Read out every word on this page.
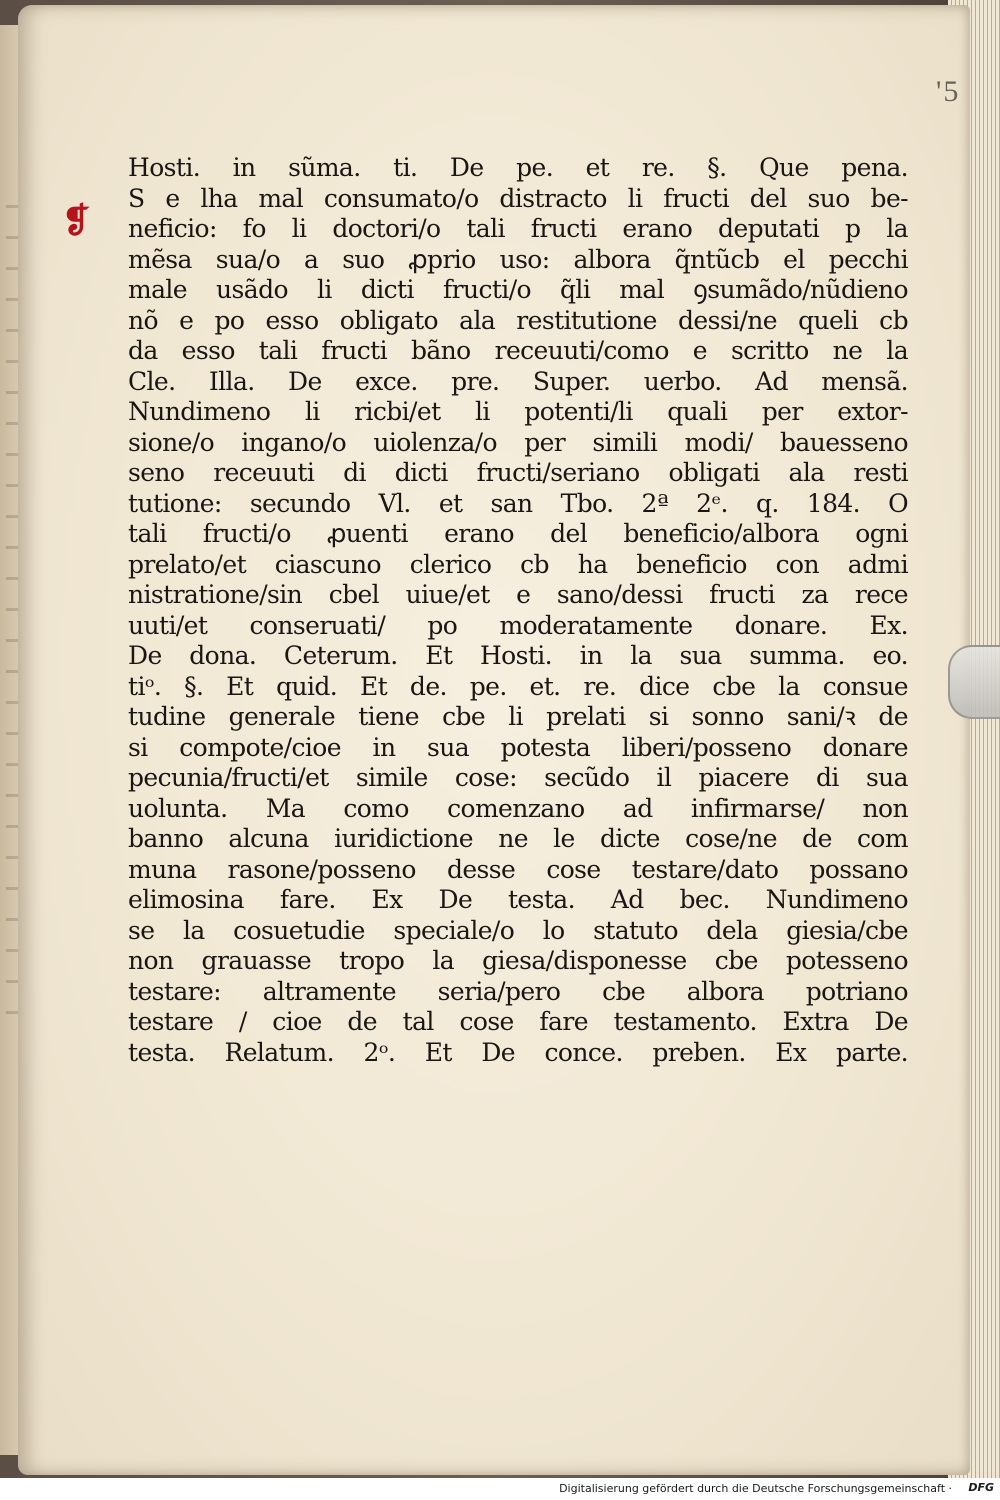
'5
❡
Hosti. in sũma. ti. De pe. et re. §. Que pena.
S e lha mal consumato/o distracto li fructi del suo be-
neficio: fo li doctori/o tali fructi erano deputati p la
mẽsa sua/o a suo ꝓprio uso: albora q̃ntũcb el pecchi
male usãdo li dicti fructi/o q̃li mal ꝯsumãdo/nũdieno
nõ e po esso obligato ala restitutione dessi/ne queli cb
da esso tali fructi bãno receuuti/como e scritto ne la
Cle. Illa. De exce. pre. Super. uerbo. Ad mensã.
Nundimeno li ricbi/et li potenti/li quali per extor-
sione/o ingano/o uiolenza/o per simili modi/ bauesseno
seno receuuti di dicti fructi/seriano obligati ala resti
tutione: secundo Vl. et san Tbo. 2ª 2ᵉ. q. 184. O
tali fructi/o ꝓuenti erano del beneficio/albora ogni
prelato/et ciascuno clerico cb ha beneficio con admi
nistratione/sin cbel uiue/et e sano/dessi fructi za rece
uuti/et conseruati/ po moderatamente donare. Ex.
De dona. Ceterum. Et Hosti. in la sua summa. eo.
tiᵒ. §. Et quid. Et de. pe. et. re. dice cbe la consue
tudine generale tiene cbe li prelati si sonno sani/ꝛ de
si compote/cioe in sua potesta liberi/posseno donare
pecunia/fructi/et simile cose: secũdo il piacere di sua
uolunta. Ma como comenzano ad infirmarse/ non
banno alcuna iuridictione ne le dicte cose/ne de com
muna rasone/posseno desse cose testare/dato possano
elimosina fare. Ex De testa. Ad bec. Nundimeno
se la cosuetudie speciale/o lo statuto dela giesia/cbe
non grauasse tropo la giesa/disponesse cbe potesseno
testare: altramente seria/pero cbe albora potriano
testare / cioe de tal cose fare testamento. Extra De
testa. Relatum. 2ᵒ. Et De conce. preben. Ex parte.
Digitalisierung gefördert durch die Deutsche Forschungsgemeinschaft · DFG
